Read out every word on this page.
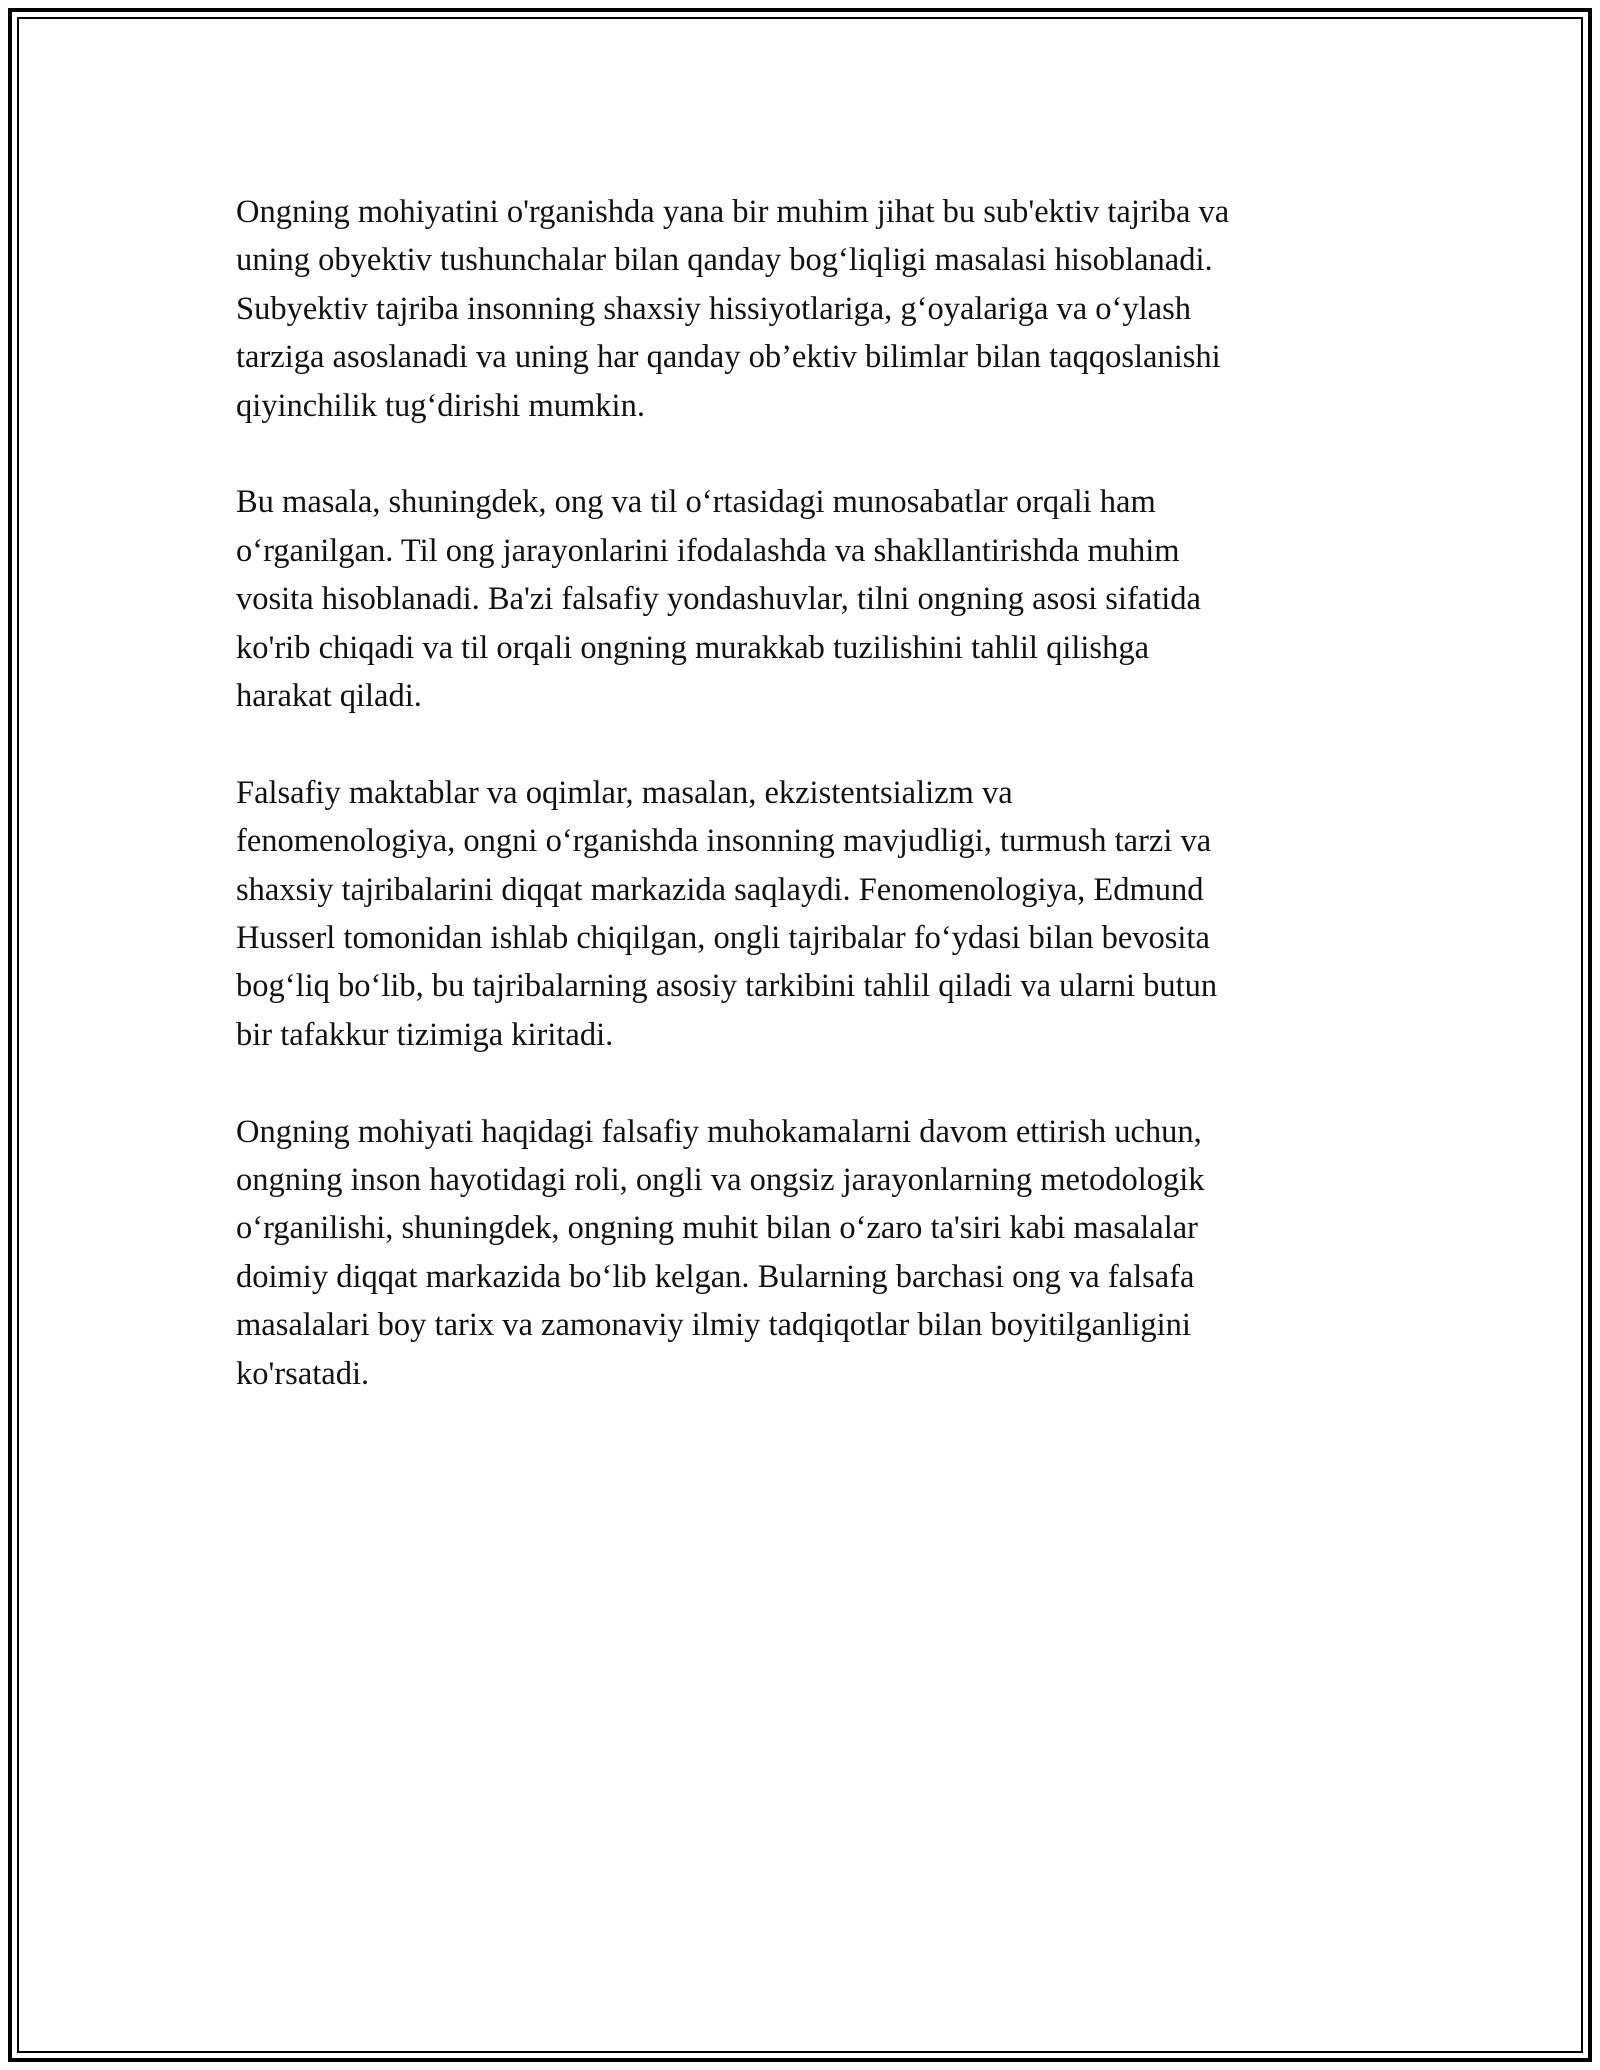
Ongning mohiyatini o'rganishda yana bir muhim jihat bu sub'ektiv tajriba va
uning obyektiv tushunchalar bilan qanday bog‘liqligi masalasi hisoblanadi.
Subyektiv tajriba insonning shaxsiy hissiyotlariga, g‘oyalariga va o‘ylash
tarziga asoslanadi va uning har qanday ob’ektiv bilimlar bilan taqqoslanishi
qiyinchilik tug‘dirishi mumkin.

Bu masala, shuningdek, ong va til o‘rtasidagi munosabatlar orqali ham
o‘rganilgan. Til ong jarayonlarini ifodalashda va shakllantirishda muhim
vosita hisoblanadi. Ba'zi falsafiy yondashuvlar, tilni ongning asosi sifatida
ko'rib chiqadi va til orqali ongning murakkab tuzilishini tahlil qilishga
harakat qiladi.

Falsafiy maktablar va oqimlar, masalan, ekzistentsializm va
fenomenologiya, ongni o‘rganishda insonning mavjudligi, turmush tarzi va
shaxsiy tajribalarini diqqat markazida saqlaydi. Fenomenologiya, Edmund
Husserl tomonidan ishlab chiqilgan, ongli tajribalar fo‘ydasi bilan bevosita
bog‘liq bo‘lib, bu tajribalarning asosiy tarkibini tahlil qiladi va ularni butun
bir tafakkur tizimiga kiritadi.

Ongning mohiyati haqidagi falsafiy muhokamalarni davom ettirish uchun,
ongning inson hayotidagi roli, ongli va ongsiz jarayonlarning metodologik
o‘rganilishi, shuningdek, ongning muhit bilan o‘zaro ta'siri kabi masalalar
doimiy diqqat markazida bo‘lib kelgan. Bularning barchasi ong va falsafa
masalalari boy tarix va zamonaviy ilmiy tadqiqotlar bilan boyitilganligini
ko'rsatadi.
